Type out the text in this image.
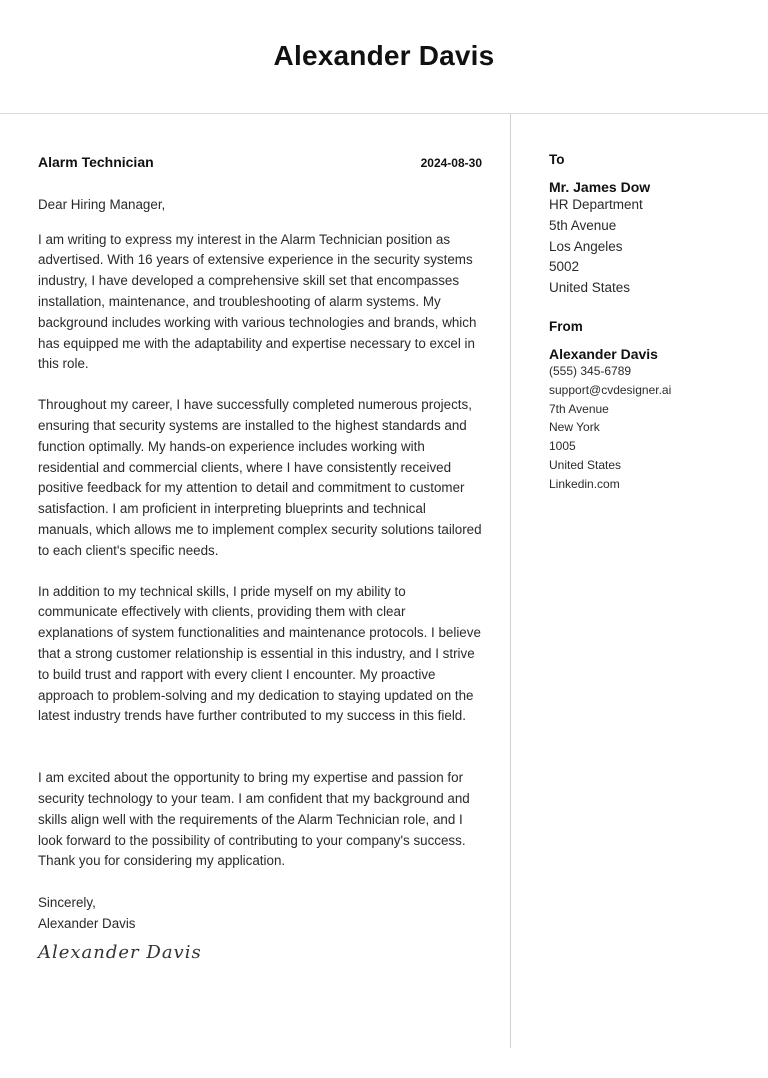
Alexander Davis
Alarm Technician	2024-08-30
Dear Hiring Manager,

I am writing to express my interest in the Alarm Technician position as advertised. With 16 years of extensive experience in the security systems industry, I have developed a comprehensive skill set that encompasses installation, maintenance, and troubleshooting of alarm systems. My background includes working with various technologies and brands, which has equipped me with the adaptability and expertise necessary to excel in this role.

Throughout my career, I have successfully completed numerous projects, ensuring that security systems are installed to the highest standards and function optimally. My hands-on experience includes working with residential and commercial clients, where I have consistently received positive feedback for my attention to detail and commitment to customer satisfaction. I am proficient in interpreting blueprints and technical manuals, which allows me to implement complex security solutions tailored to each client's specific needs.

In addition to my technical skills, I pride myself on my ability to communicate effectively with clients, providing them with clear explanations of system functionalities and maintenance protocols. I believe that a strong customer relationship is essential in this industry, and I strive to build trust and rapport with every client I encounter. My proactive approach to problem-solving and my dedication to staying updated on the latest industry trends have further contributed to my success in this field.

I am excited about the opportunity to bring my expertise and passion for security technology to your team. I am confident that my background and skills align well with the requirements of the Alarm Technician role, and I look forward to the possibility of contributing to your company's success. Thank you for considering my application.

Sincerely,
Alexander Davis
Alexander Davis
To
Mr. James Dow
HR Department
5th Avenue
Los Angeles
5002
United States
From
Alexander Davis
(555) 345-6789
support@cvdesigner.ai
7th Avenue
New York
1005
United States
Linkedin.com
